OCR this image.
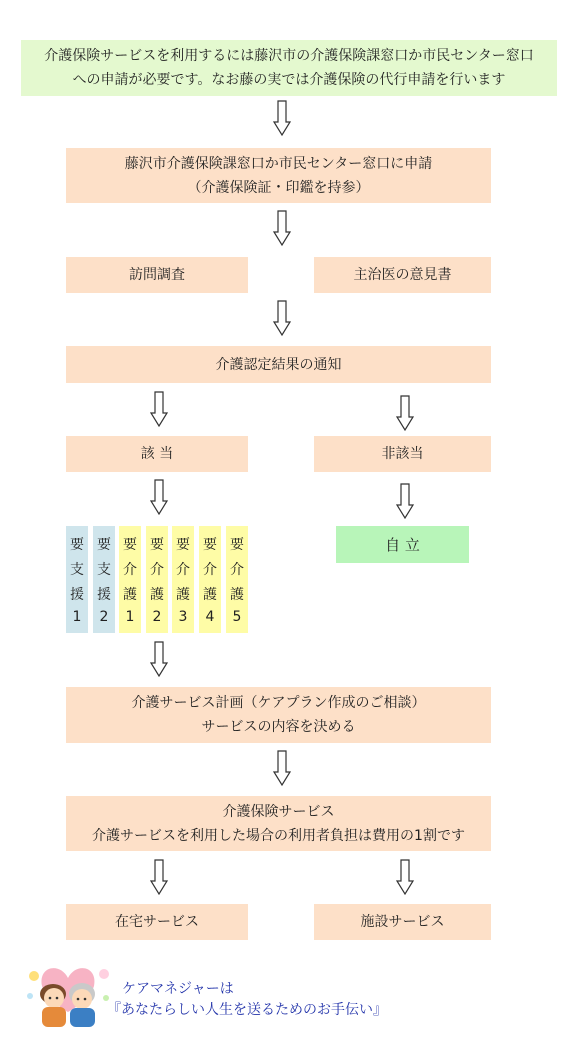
介護保険サービスを利用するには藤沢市の介護保険課窓口か市民センター窓口
への申請が必要です。なお藤の実では介護保険の代行申請を行います
藤沢市介護保険課窓口か市民センター窓口に申請
（介護保険証・印鑑を持参）
訪問調査	主治医の意見書
介護認定結果の通知
該 当	非該当
要
支
援
1
要
支
援
2
要
介
護
1
要
介
護
2
要
介
護
3
要
介
護
4
要
介
護
5
自 立
介護サービス計画（ケアプラン作成のご相談）
サービスの内容を決める
介護保険サービス
介護サービスを利用した場合の利用者負担は費用の1割です
在宅サービス	施設サービス
ケアマネジャーは
『あなたらしい人生を送るためのお手伝い』
